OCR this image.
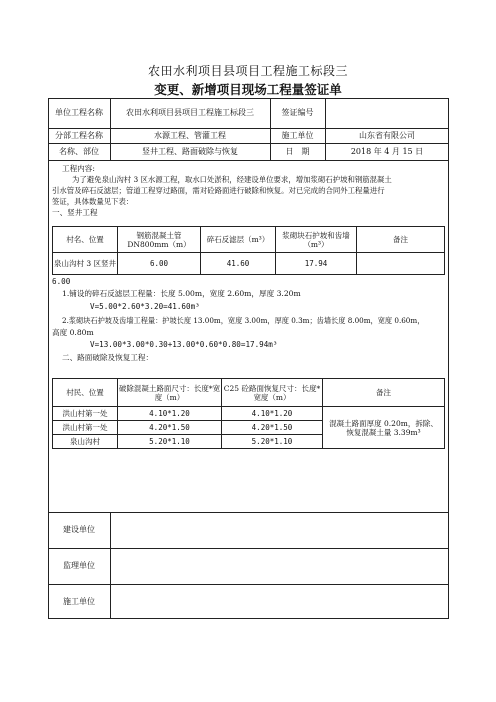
农田水利项目县项目工程施工标段三
变更、新增项目现场工程量签证单
单位工程名称	农田水利项目县项目工程施工标段三	签证编号
分部工程名称	水源工程、管灌工程	施工单位	山东省有限公司
名称、部位	竖井工程、路面破除与恢复	日　期	2018 年 4 月 15 日
工程内容:
为了避免泉山沟村 3 区水源工程，取水口处淤积，经建设单位要求，增加浆砌石护坡和钢筋混凝土
引水管及碎石反滤层；管道工程穿过路面，需对砼路面进行破除和恢复。对已完成的合同外工程量进行
签证，具体数量见下表：
一、竖井工程
村名、位置	钢筋混凝土管 DN800mm（m）	碎石反滤层（m³）	浆砌块石护坡和齿墙（m³）	备注
泉山沟村 3 区竖井	6.00	41.60	17.94	
6.00
1.铺设的碎石反滤层工程量：长度 5.00m，宽度 2.60m，厚度 3.20m
V=5.00*2.60*3.20=41.60m³
2.浆砌块石护坡及齿墙工程量：护坡长度 13.00m，宽度 3.00m，厚度 0.3m；齿墙长度 8.00m，宽度 0.60m，
高度 0.80m
V=13.00*3.00*0.30+13.00*0.60*0.80=17.94m³
二、路面破除及恢复工程：
村民、位置	破除混凝土路面尺寸：长度*宽度（m）	C25 砼路面恢复尺寸：长度*宽度（m）	备注
洪山村第一处	4.10*1.20	4.10*1.20	混凝土路面厚度 0.20m，拆除、恢复混凝土量 3.39m³
洪山村第一处	4.20*1.50	4.20*1.50	
泉山沟村	5.20*1.10	5.20*1.10	
建设单位
监理单位
施工单位
